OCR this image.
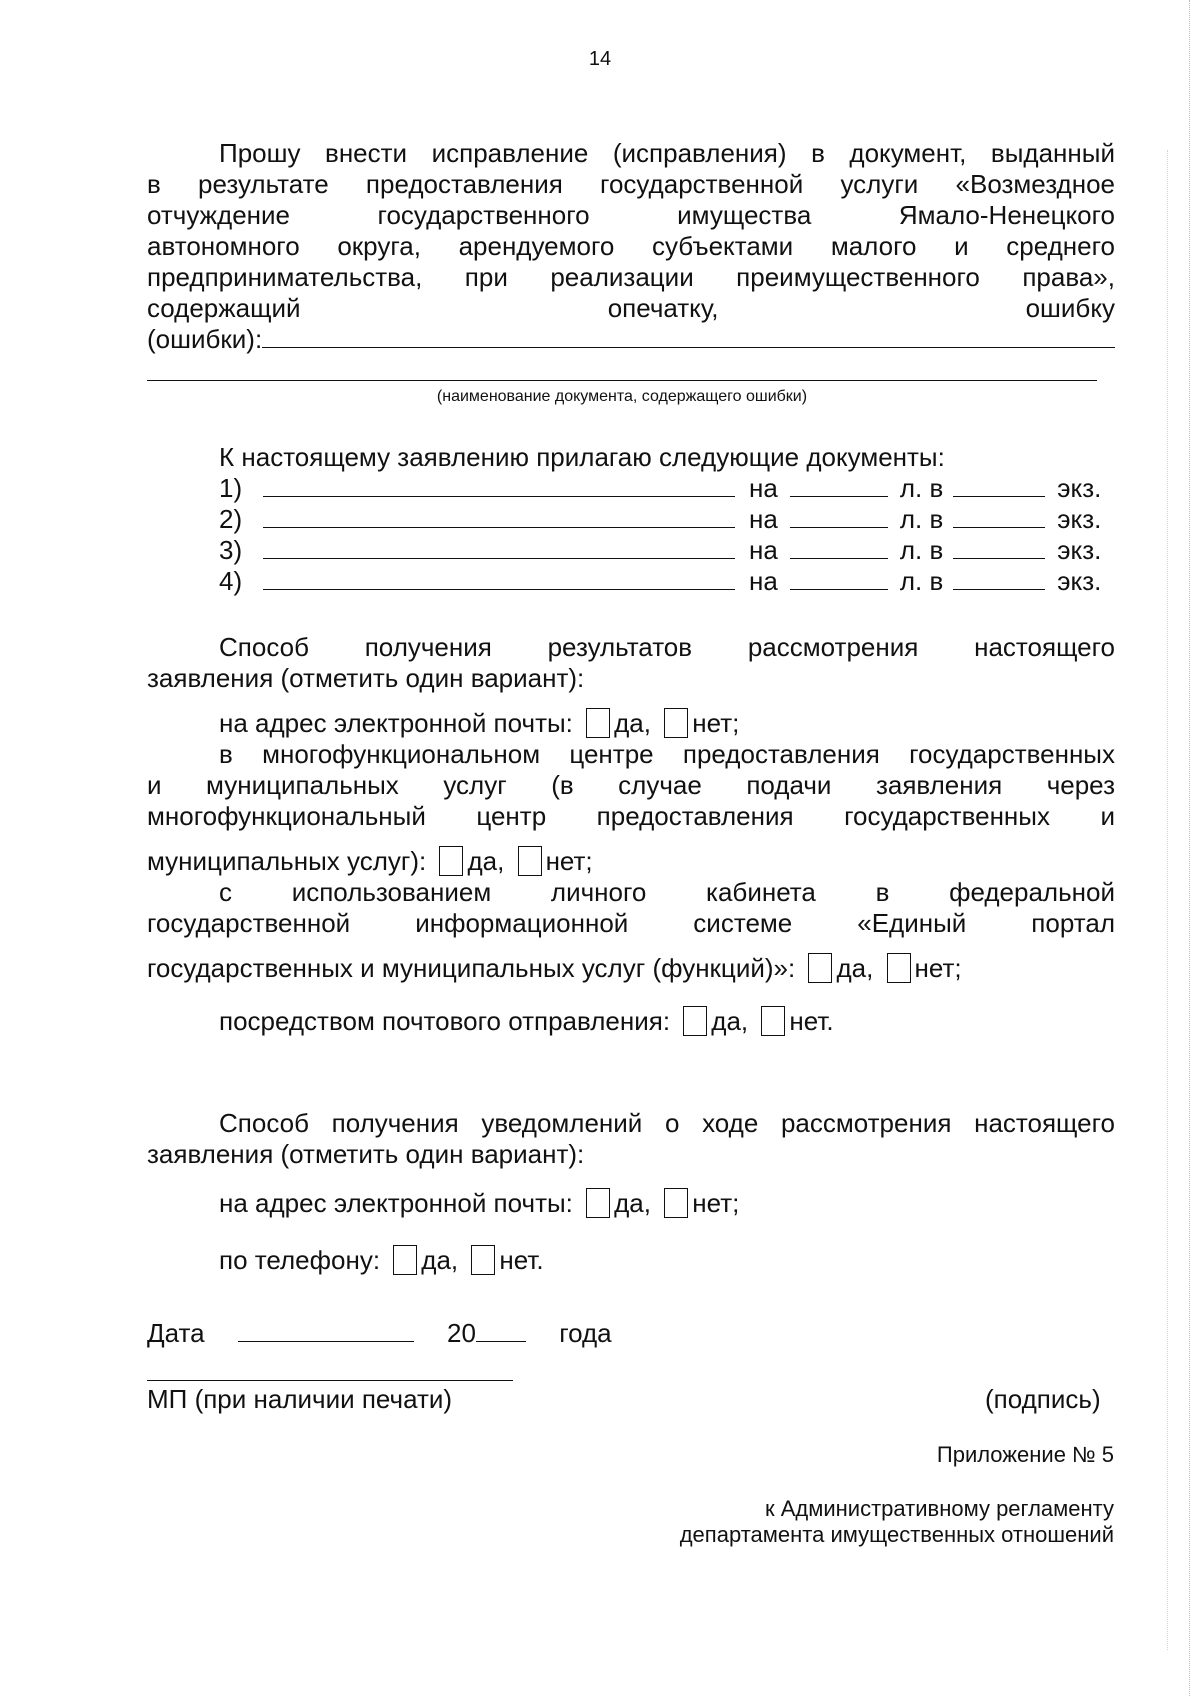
14
Прошу внести исправление (исправления) в документ, выданный
в результате предоставления государственной услуги «Возмездное
отчуждение государственного имущества Ямало-Ненецкого
автономного округа, арендуемого субъектами малого и среднего
предпринимательства, при реализации преимущественного права»,
содержащий опечатку, ошибку
(ошибки):
(наименование документа, содержащего ошибки)
К настоящему заявлению прилагаю следующие документы:
1)	на	л. в	экз.
2)	на	л. в	экз.
3)	на	л. в	экз.
4)	на	л. в	экз.
Способ получения результатов рассмотрения настоящего
заявления (отметить один вариант):
на адрес электронной почты: да, нет;
в многофункциональном центре предоставления государственных
и муниципальных услуг (в случае подачи заявления через
многофункциональный центр предоставления государственных и
муниципальных услуг): да, нет;
с использованием личного кабинета в федеральной
государственной информационной системе «Единый портал
государственных и муниципальных услуг (функций)»: да, нет;
посредством почтового отправления: да, нет.
Способ получения уведомлений о ходе рассмотрения настоящего
заявления (отметить один вариант):
на адрес электронной почты: да, нет;
по телефону: да, нет.
Дата	20	года
МП (при наличии печати)	(подпись)
Приложение № 5
к Административному регламенту
департамента имущественных отношений
